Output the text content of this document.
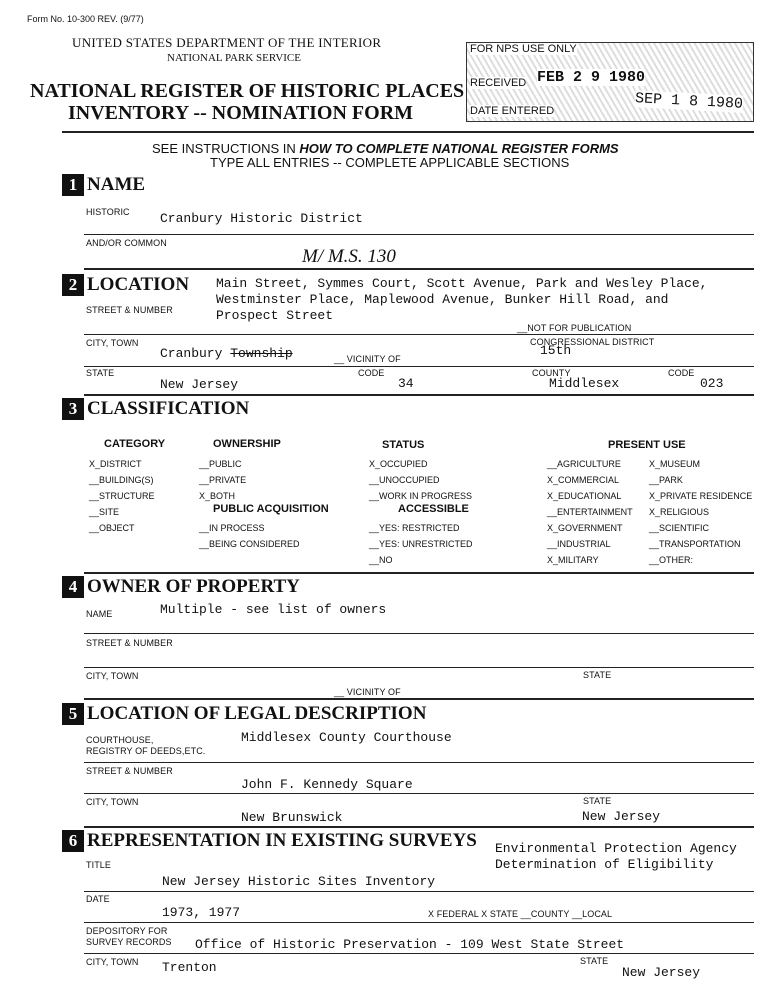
Form No. 10-300 REV. (9/77)
UNITED STATES DEPARTMENT OF THE INTERIOR
NATIONAL PARK SERVICE
NATIONAL REGISTER OF HISTORIC PLACES
INVENTORY -- NOMINATION FORM
FOR NPS USE ONLY
RECEIVED FEB 2 9 1980
DATE ENTERED	SEP 1 8 1980
SEE INSTRUCTIONS IN HOW TO COMPLETE NATIONAL REGISTER FORMS
TYPE ALL ENTRIES -- COMPLETE APPLICABLE SECTIONS
1 NAME
HISTORIC Cranbury Historic District
AND/OR COMMON
M/ M.S. 130
2 LOCATION Main Street, Symmes Court, Scott Avenue, Park and Wesley Place,
Westminster Place, Maplewood Avenue, Bunker Hill Road, and
Prospect Street
STREET & NUMBER
__NOT FOR PUBLICATION
CITY, TOWN
Cranbury Township	__ VICINITY OF
CONGRESSIONAL DISTRICT
15th
STATE
New Jersey
CODE
34
COUNTY
Middlesex
CODE
023
3 CLASSIFICATION
CATEGORY	OWNERSHIP	STATUS	PRESENT USE
X_DISTRICT
__BUILDING(S)
__STRUCTURE
__SITE
__OBJECT
__PUBLIC
__PRIVATE
X_BOTH
PUBLIC ACQUISITION
__IN PROCESS
__BEING CONSIDERED
X_OCCUPIED
__UNOCCUPIED
__WORK IN PROGRESS
ACCESSIBLE
__YES: RESTRICTED
__YES: UNRESTRICTED
__NO
__AGRICULTURE
X_COMMERCIAL
X_EDUCATIONAL
__ENTERTAINMENT
X_GOVERNMENT
__INDUSTRIAL
X_MILITARY
X_MUSEUM
__PARK
X_PRIVATE RESIDENCE
X_RELIGIOUS
__SCIENTIFIC
__TRANSPORTATION
__OTHER:
4 OWNER OF PROPERTY
NAME	Multiple - see list of owners
STREET & NUMBER
CITY, TOWN	STATE
__ VICINITY OF
5 LOCATION OF LEGAL DESCRIPTION
COURTHOUSE,
REGISTRY OF DEEDS,ETC.
Middlesex County Courthouse
STREET & NUMBER
John F. Kennedy Square
CITY, TOWN
New Brunswick
STATE
New Jersey
6 REPRESENTATION IN EXISTING SURVEYS Environmental Protection Agency
Determination of Eligibility
TITLE
New Jersey Historic Sites Inventory
DATE
1973, 1977	X FEDERAL X STATE __COUNTY __LOCAL
DEPOSITORY FOR
SURVEY RECORDS Office of Historic Preservation - 109 West State Street
CITY, TOWN Trenton	STATE
New Jersey
